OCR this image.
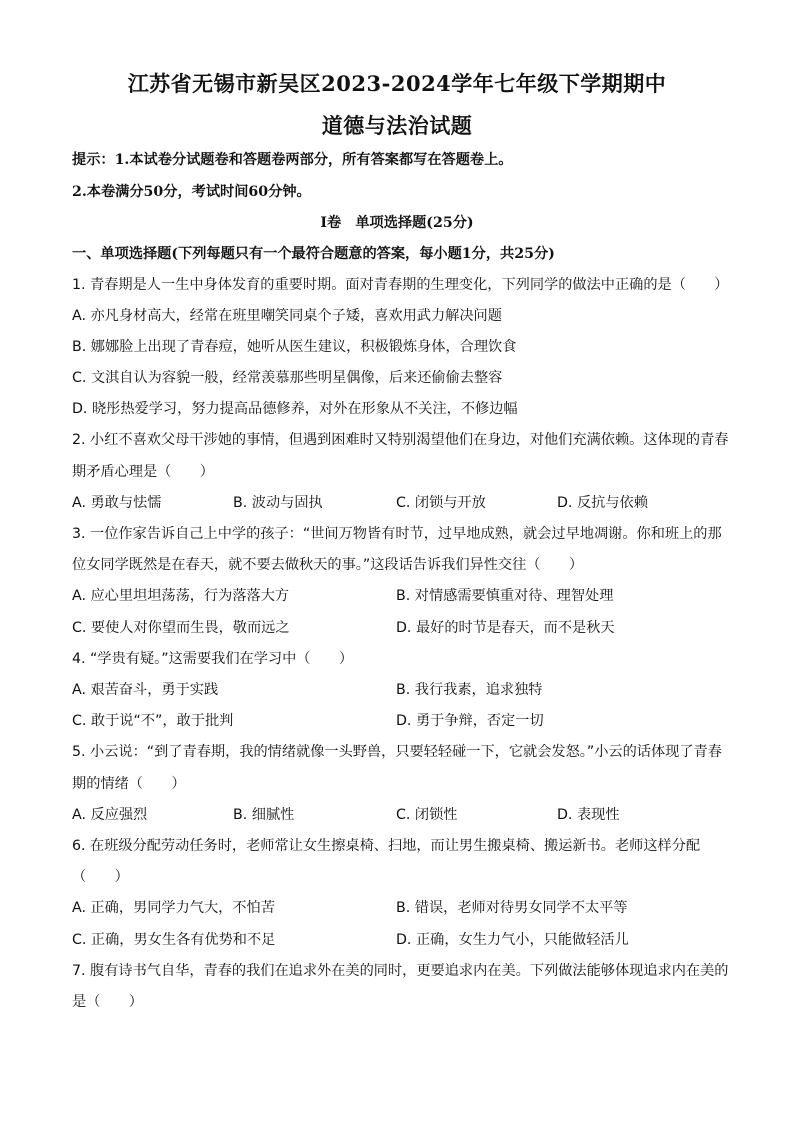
江苏省无锡市新吴区2023-2024学年七年级下学期期中
道德与法治试题
提示：1.本试卷分试题卷和答题卷两部分，所有答案都写在答题卷上。
2.本卷满分50分，考试时间60分钟。
Ⅰ卷　单项选择题(25分)
一、单项选择题(下列每题只有一个最符合题意的答案，每小题1分，共25分)
1. 青春期是人一生中身体发育的重要时期。面对青春期的生理变化，下列同学的做法中正确的是（　　）
A. 亦凡身材高大，经常在班里嘲笑同桌个子矮，喜欢用武力解决问题
B. 娜娜脸上出现了青春痘，她听从医生建议，积极锻炼身体，合理饮食
C. 文淇自认为容貌一般，经常羡慕那些明星偶像，后来还偷偷去整容
D. 晓彤热爱学习，努力提高品德修养，对外在形象从不关注，不修边幅
2. 小红不喜欢父母干涉她的事情，但遇到困难时又特别渴望他们在身边，对他们充满依赖。这体现的青春
期矛盾心理是（　　）
A. 勇敢与怯懦	B. 波动与固执	C. 闭锁与开放	D. 反抗与依赖
3. 一位作家告诉自己上中学的孩子：“世间万物皆有时节，过早地成熟，就会过早地凋谢。你和班上的那
位女同学既然是在春天，就不要去做秋天的事。”这段话告诉我们异性交往（　　）
A. 应心里坦坦荡荡，行为落落大方	B. 对情感需要慎重对待、理智处理
C. 要使人对你望而生畏，敬而远之	D. 最好的时节是春天，而不是秋天
4. “学贵有疑。”这需要我们在学习中（　　）
A. 艰苦奋斗，勇于实践	B. 我行我素，追求独特
C. 敢于说“不”，敢于批判	D. 勇于争辩，否定一切
5. 小云说：“到了青春期，我的情绪就像一头野兽，只要轻轻碰一下，它就会发怒。”小云的话体现了青春
期的情绪（　　）
A. 反应强烈	B. 细腻性	C. 闭锁性	D. 表现性
6. 在班级分配劳动任务时，老师常让女生擦桌椅、扫地，而让男生搬桌椅、搬运新书。老师这样分配
（　　）
A. 正确，男同学力气大，不怕苦	B. 错误，老师对待男女同学不太平等
C. 正确，男女生各有优势和不足	D. 正确，女生力气小，只能做轻活儿
7. 腹有诗书气自华，青春的我们在追求外在美的同时，更要追求内在美。下列做法能够体现追求内在美的
是（　　）
